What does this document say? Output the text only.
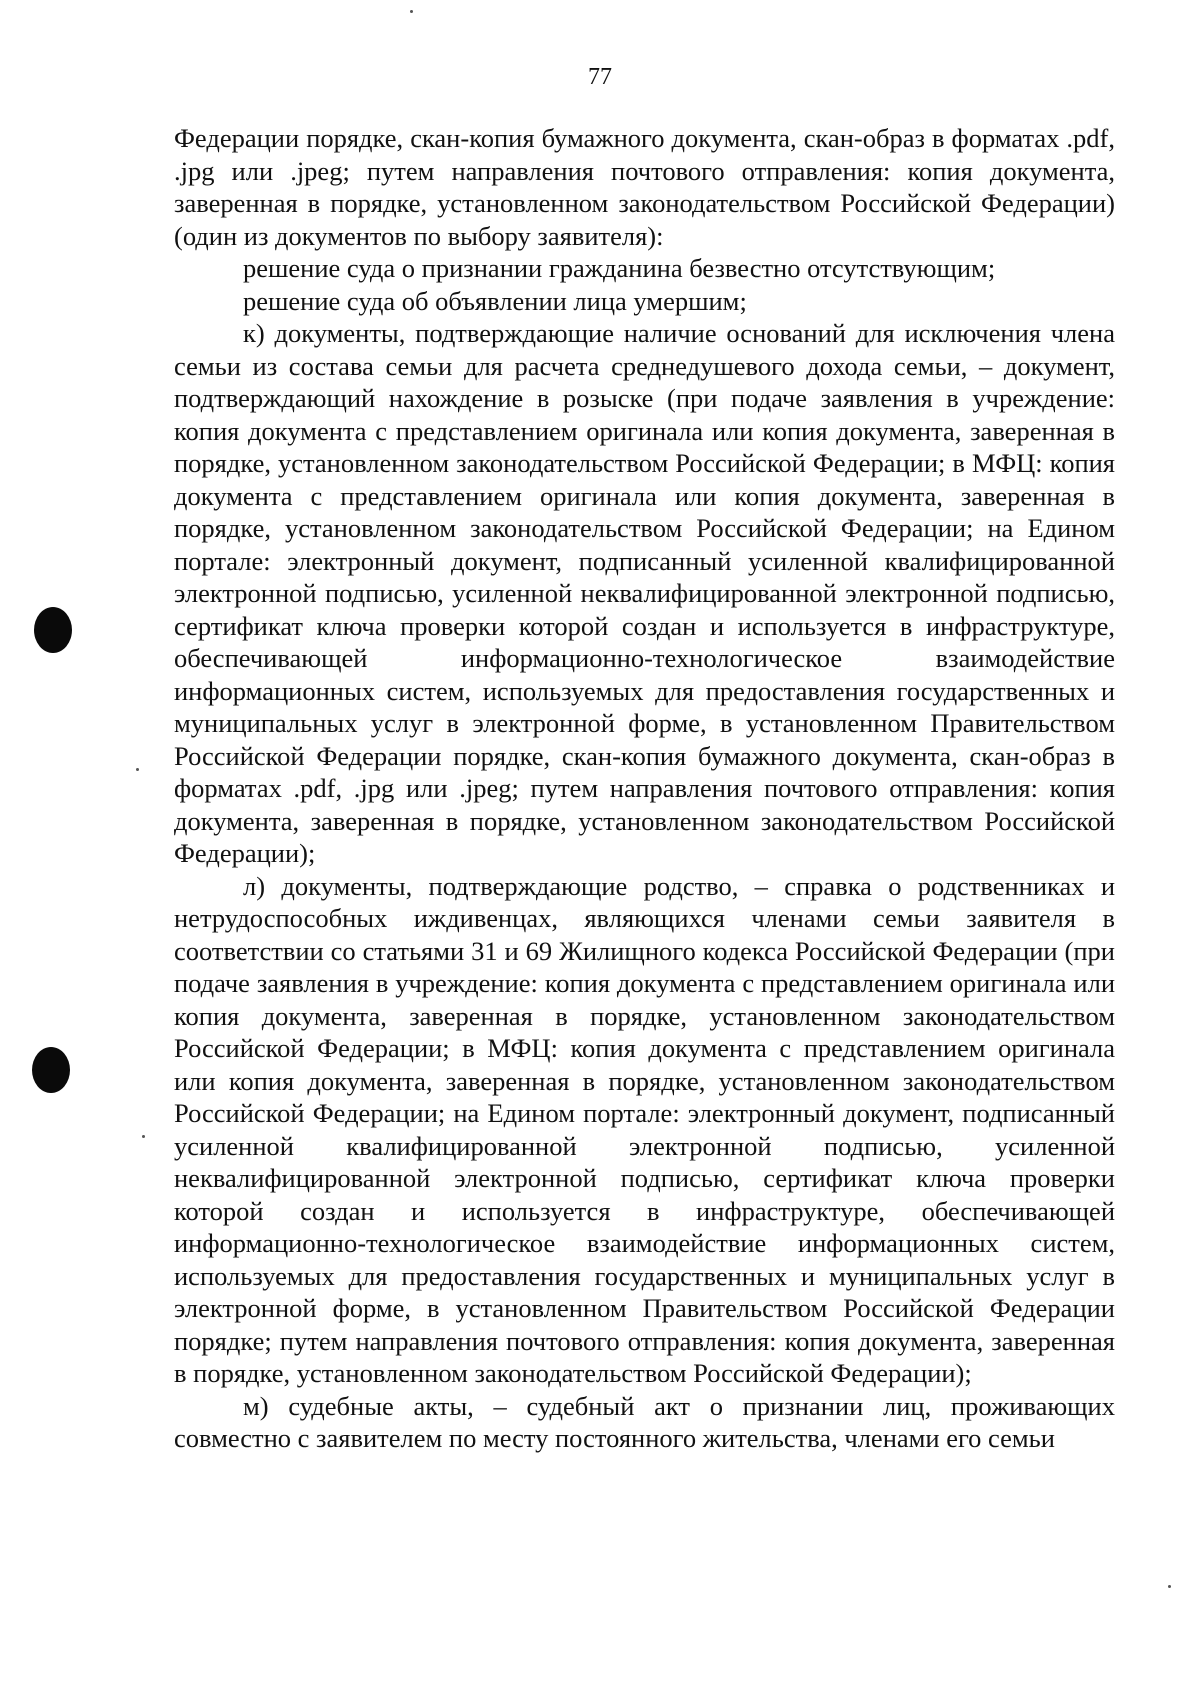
77

Федерации порядке, скан-копия бумажного документа, скан-образ в форматах .pdf, .jpg или .jpeg; путем направления почтового отправления: копия документа, заверенная в порядке, установленном законодательством Российской Федерации) (один из документов по выбору заявителя):

решение суда о признании гражданина безвестно отсутствующим;

решение суда об объявлении лица умершим;

к) документы, подтверждающие наличие оснований для исключения члена семьи из состава семьи для расчета среднедушевого дохода семьи, – документ, подтверждающий нахождение в розыске (при подаче заявления в учреждение: копия документа с представлением оригинала или копия документа, заверенная в порядке, установленном законодательством Российской Федерации; в МФЦ: копия документа с представлением оригинала или копия документа, заверенная в порядке, установленном законодательством Российской Федерации; на Едином портале: электронный документ, подписанный усиленной квалифицированной электронной подписью, усиленной неквалифицированной электронной подписью, сертификат ключа проверки которой создан и используется в инфраструктуре, обеспечивающей информационно-технологическое взаимодействие информационных систем, используемых для предоставления государственных и муниципальных услуг в электронной форме, в установленном Правительством Российской Федерации порядке, скан-копия бумажного документа, скан-образ в форматах .pdf, .jpg или .jpeg; путем направления почтового отправления: копия документа, заверенная в порядке, установленном законодательством Российской Федерации);

л) документы, подтверждающие родство, – справка о родственниках и нетрудоспособных иждивенцах, являющихся членами семьи заявителя в соответствии со статьями 31 и 69 Жилищного кодекса Российской Федерации (при подаче заявления в учреждение: копия документа с представлением оригинала или копия документа, заверенная в порядке, установленном законодательством Российской Федерации; в МФЦ: копия документа с представлением оригинала или копия документа, заверенная в порядке, установленном законодательством Российской Федерации; на Едином портале: электронный документ, подписанный усиленной квалифицированной электронной подписью, усиленной неквалифицированной электронной подписью, сертификат ключа проверки которой создан и используется в инфраструктуре, обеспечивающей информационно-технологическое взаимодействие информационных систем, используемых для предоставления государственных и муниципальных услуг в электронной форме, в установленном Правительством Российской Федерации порядке; путем направления почтового отправления: копия документа, заверенная в порядке, установленном законодательством Российской Федерации);

м) судебные акты, – судебный акт о признании лиц, проживающих совместно с заявителем по месту постоянного жительства, членами его семьи
